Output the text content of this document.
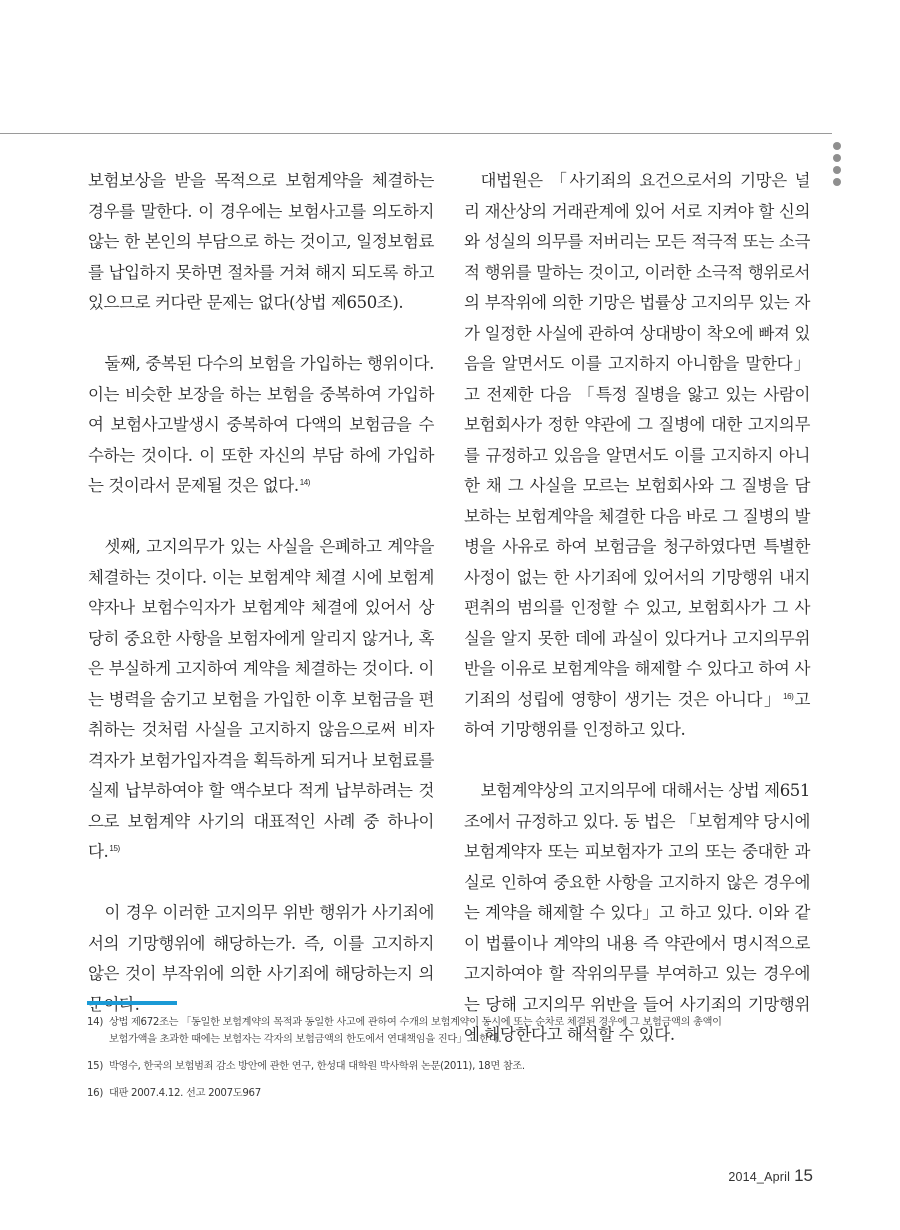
보험보상을 받을 목적으로 보험계약을 체결하는 경우를 말한다. 이 경우에는 보험사고를 의도하지 않는 한 본인의 부담으로 하는 것이고, 일정보험료를 납입하지 못하면 절차를 거쳐 해지 되도록 하고 있으므로 커다란 문제는 없다(상법 제650조).

둘째, 중복된 다수의 보험을 가입하는 행위이다. 이는 비슷한 보장을 하는 보험을 중복하여 가입하여 보험사고발생시 중복하여 다액의 보험금을 수수하는 것이다. 이 또한 자신의 부담 하에 가입하는 것이라서 문제될 것은 없다.$^{14)}$

셋째, 고지의무가 있는 사실을 은폐하고 계약을 체결하는 것이다. 이는 보험계약 체결 시에 보험계약자나 보험수익자가 보험계약 체결에 있어서 상당히 중요한 사항을 보험자에게 알리지 않거나, 혹은 부실하게 고지하여 계약을 체결하는 것이다. 이는 병력을 숨기고 보험을 가입한 이후 보험금을 편취하는 것처럼 사실을 고지하지 않음으로써 비자격자가 보험가입자격을 획득하게 되거나 보험료를 실제 납부하여야 할 액수보다 적게 납부하려는 것으로 보험계약 사기의 대표적인 사례 중 하나이다.$^{15)}$

이 경우 이러한 고지의무 위반 행위가 사기죄에서의 기망행위에 해당하는가. 즉, 이를 고지하지 않은 것이 부작위에 의한 사기죄에 해당하는지 의

대법원은 「사기죄의 요건으로서의 기망은 널리 재산상의 거래관계에 있어 서로 지켜야 할 신의와 성실의 의무를 저버리는 모든 적극적 또는 소극적 행위를 말하는 것이고, 이러한 소극적 행위로서의 부작위에 의한 기망은 법률상 고지의무 있는 자가 일정한 사실에 관하여 상대방이 착오에 빠져 있음을 알면서도 이를 고지하지 아니함을 말한다」고 전제한 다음 「특정 질병을 앓고 있는 사람이 보험회사가 정한 약관에 그 질병에 대한 고지의무를 규정하고 있음을 알면서도 이를 고지하지 아니한 채 그 사실을 모르는 보험회사와 그 질병을 담보하는 보험계약을 체결한 다음 바로 그 질병의 발병을 사유로 하여 보험금을 청구하였다면 특별한 사정이 없는 한 사기죄에 있어서의 기망행위 내지 편취의 범의를 인정할 수 있고, 보험회사가 그 사실을 알지 못한 데에 과실이 있다거나 고지의무위반을 이유로 보험계약을 해제할 수 있다고 하여 사기죄의 성립에 영향이 생기는 것은 아니다」$^{16)}$고 하여 기망행위를 인정하고 있다.

보험계약상의 고지의무에 대해서는 상법 제651조에서 규정하고 있다. 동 법은 「보험계약 당시에 보험계약자 또는 피보험자가 고의 또는 중대한 과실로 인하여 중요한 사항을 고지하지 않은 경우에는 계약을 해제할 수 있다」고 하고 있다. 이와 같이 법률이나 계약의 내용 즉 약관에서 명시적으로 고지하여야 할 작위의무를 부여하고 있는 경우에는 당해 고지의무 위반을 들어 사기죄의 기망행위에 해당한다고 해석할 수 있다.

14) 상법 제672조는 「동일한 보험계약의 목적과 동일한 사고에 관하여 수개의 보험계약이 동시에 또는 순차로 체결된 경우에 그 보험금액의 총액이
보험가액을 초과한 때에는 보험자는 각자의 보험금액의 한도에서 연대책임을 진다」고 한다.
15) 박영수, 한국의 보험범죄 감소 방안에 관한 연구, 한성대 대학원 박사학위 논문(2011), 18면 참조.
16) 대판 2007.4.12. 선고 2007도967
2014_April 15
